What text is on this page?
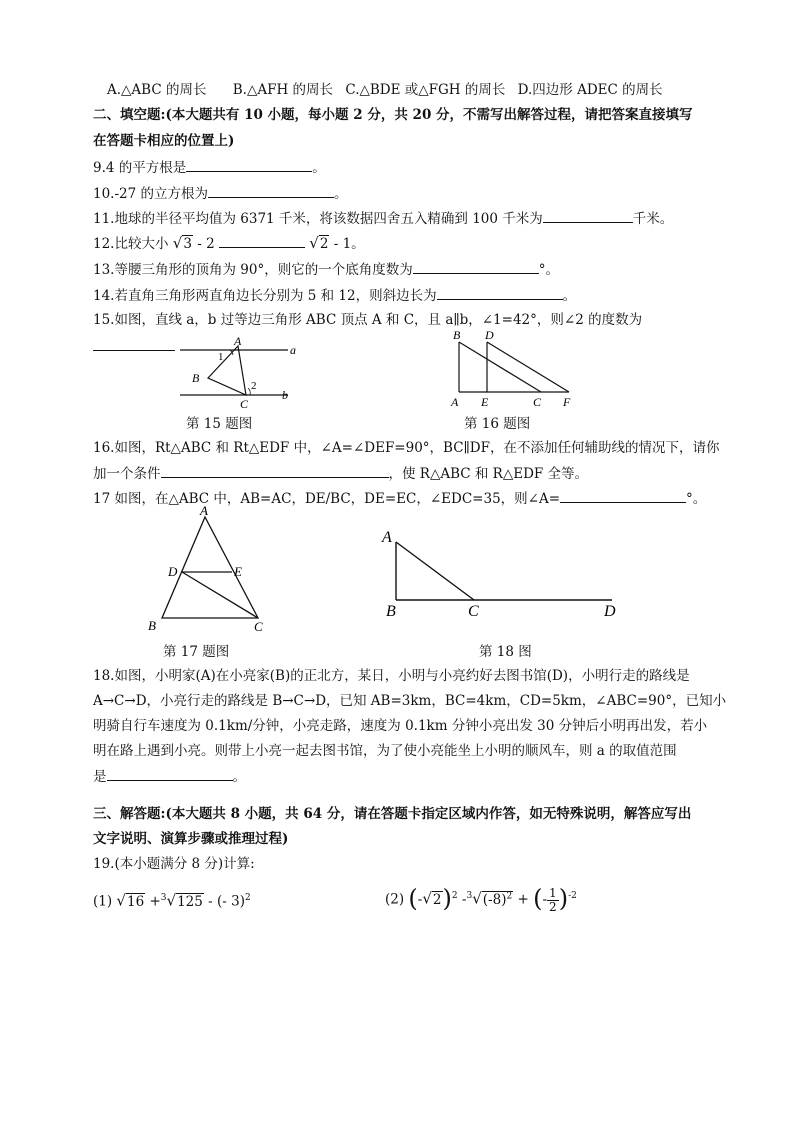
A.△ABC 的周长 B.△AFH 的周长 C.△BDE 或△FGH 的周长 D.四边形 ADEC 的周长
二、填空题:(本大题共有 10 小题，每小题 2 分，共 20 分，不需写出解答过程，请把答案直接填写
在答题卡相应的位置上)
9.4 的平方根是	。
10.-27 的立方根为	。
11.地球的半径平均值为 6371 千米，将该数据四舍五入精确到 100 千米为	千米。
12.比较大小 √3 - 2	√2 - 1。
13.等腰三角形的顶角为 90°，则它的一个底角度数为	°。
14.若直角三角形两直角边长分别为 5 和 12，则斜边长为	。
15.如图，直线 a，b 过等边三角形 ABC 顶点 A 和 C，且 a∥b，∠1=42°，则∠2 的度数为
A
B
C
a
b
1
2
第 15 题图
B D
A E	C F
第 16 题图
16.如图，Rt△ABC 和 Rt△EDF 中，∠A=∠DEF=90°，BC∥DF，在不添加任何辅助线的情况下，请你
加一个条件	，使 R△ABC 和 R△EDF 全等。
17 如图，在△ABC 中，AB=AC，DE/BC，DE=EC，∠EDC=35，则∠A=	°。
A
D	E
B	C
第 17 题图
A
B	C	D
第 18 图
18.如图，小明家(A)在小亮家(B)的正北方，某日，小明与小亮约好去图书馆(D)，小明行走的路线是
A→C→D，小亮行走的路线是 B→C→D，已知 AB=3km，BC=4km，CD=5km，∠ABC=90°，已知小
明骑自行车速度为 0.1km/分钟，小亮走路，速度为 0.1km 分钟小亮出发 30 分钟后小明再出发，若小
明在路上遇到小亮。则带上小亮一起去图书馆，为了使小亮能坐上小明的顺风车，则 a 的取值范围
是	。
三、解答题:(本大题共 8 小题，共 64 分，请在答题卡指定区域内作答，如无特殊说明，解答应写出
文字说明、演算步骤或推理过程)
19.(本小题满分 8 分)计算:
(1) √16 +$^3$√125 - (- 3)$^2$	(2) $(-√2)^2$ $-^3√(-8)^2$ + (- $\frac{1}{2} )^{-2}$
